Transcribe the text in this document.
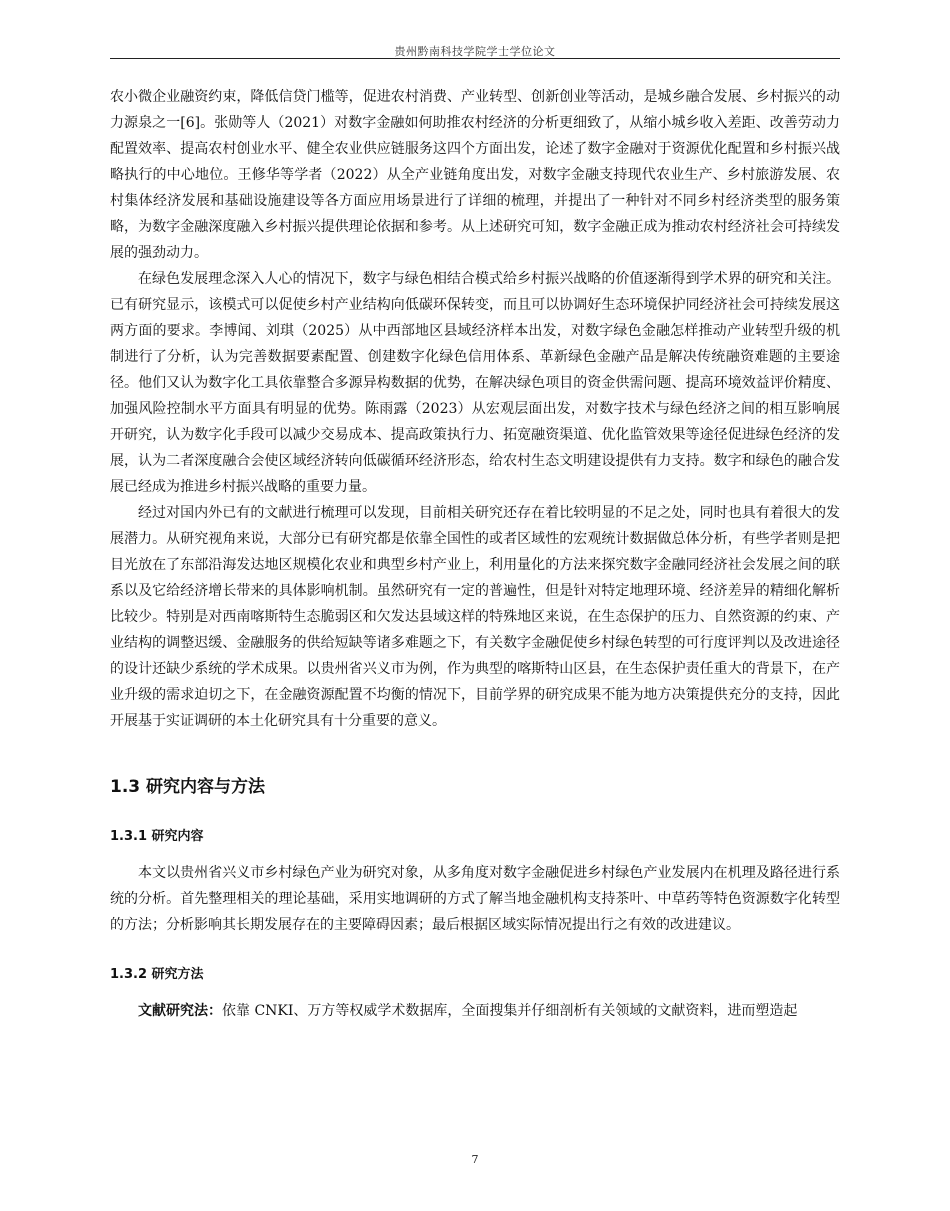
贵州黔南科技学院学士学位论文

农小微企业融资约束，降低信贷门槛等，促进农村消费、产业转型、创新创业等活动，是城乡融合发展、乡村振兴的动力源泉之一[6]。张勋等人（2021）对数字金融如何助推农村经济的分析更细致了，从缩小城乡收入差距、改善劳动力配置效率、提高农村创业水平、健全农业供应链服务这四个方面出发，论述了数字金融对于资源优化配置和乡村振兴战略执行的中心地位。王修华等学者（2022）从全产业链角度出发，对数字金融支持现代农业生产、乡村旅游发展、农村集体经济发展和基础设施建设等各方面应用场景进行了详细的梳理，并提出了一种针对不同乡村经济类型的服务策略，为数字金融深度融入乡村振兴提供理论依据和参考。从上述研究可知，数字金融正成为推动农村经济社会可持续发展的强劲动力。

在绿色发展理念深入人心的情况下，数字与绿色相结合模式给乡村振兴战略的价值逐渐得到学术界的研究和关注。已有研究显示，该模式可以促使乡村产业结构向低碳环保转变，而且可以协调好生态环境保护同经济社会可持续发展这两方面的要求。李博闻、刘琪（2025）从中西部地区县域经济样本出发，对数字绿色金融怎样推动产业转型升级的机制进行了分析，认为完善数据要素配置、创建数字化绿色信用体系、革新绿色金融产品是解决传统融资难题的主要途径。他们又认为数字化工具依靠整合多源异构数据的优势，在解决绿色项目的资金供需问题、提高环境效益评价精度、加强风险控制水平方面具有明显的优势。陈雨露（2023）从宏观层面出发，对数字技术与绿色经济之间的相互影响展开研究，认为数字化手段可以减少交易成本、提高政策执行力、拓宽融资渠道、优化监管效果等途径促进绿色经济的发展，认为二者深度融合会使区域经济转向低碳循环经济形态，给农村生态文明建设提供有力支持。数字和绿色的融合发展已经成为推进乡村振兴战略的重要力量。

经过对国内外已有的文献进行梳理可以发现，目前相关研究还存在着比较明显的不足之处，同时也具有着很大的发展潜力。从研究视角来说，大部分已有研究都是依靠全国性的或者区域性的宏观统计数据做总体分析，有些学者则是把目光放在了东部沿海发达地区规模化农业和典型乡村产业上，利用量化的方法来探究数字金融同经济社会发展之间的联系以及它给经济增长带来的具体影响机制。虽然研究有一定的普遍性，但是针对特定地理环境、经济差异的精细化解析比较少。特别是对西南喀斯特生态脆弱区和欠发达县域这样的特殊地区来说，在生态保护的压力、自然资源的约束、产业结构的调整迟缓、金融服务的供给短缺等诸多难题之下，有关数字金融促使乡村绿色转型的可行度评判以及改进途径的设计还缺少系统的学术成果。以贵州省兴义市为例，作为典型的喀斯特山区县，在生态保护责任重大的背景下，在产业升级的需求迫切之下，在金融资源配置不均衡的情况下，目前学界的研究成果不能为地方决策提供充分的支持，因此开展基于实证调研的本土化研究具有十分重要的意义。

1.3 研究内容与方法
1.3.1 研究内容

本文以贵州省兴义市乡村绿色产业为研究对象，从多角度对数字金融促进乡村绿色产业发展内在机理及路径进行系统的分析。首先整理相关的理论基础，采用实地调研的方式了解当地金融机构支持茶叶、中草药等特色资源数字化转型的方法；分析影响其长期发展存在的主要障碍因素；最后根据区域实际情况提出行之有效的改进建议。

1.3.2 研究方法

文献研究法：依靠 CNKI、万方等权威学术数据库，全面搜集并仔细剖析有关领域的文献资料，进而塑造起

7
